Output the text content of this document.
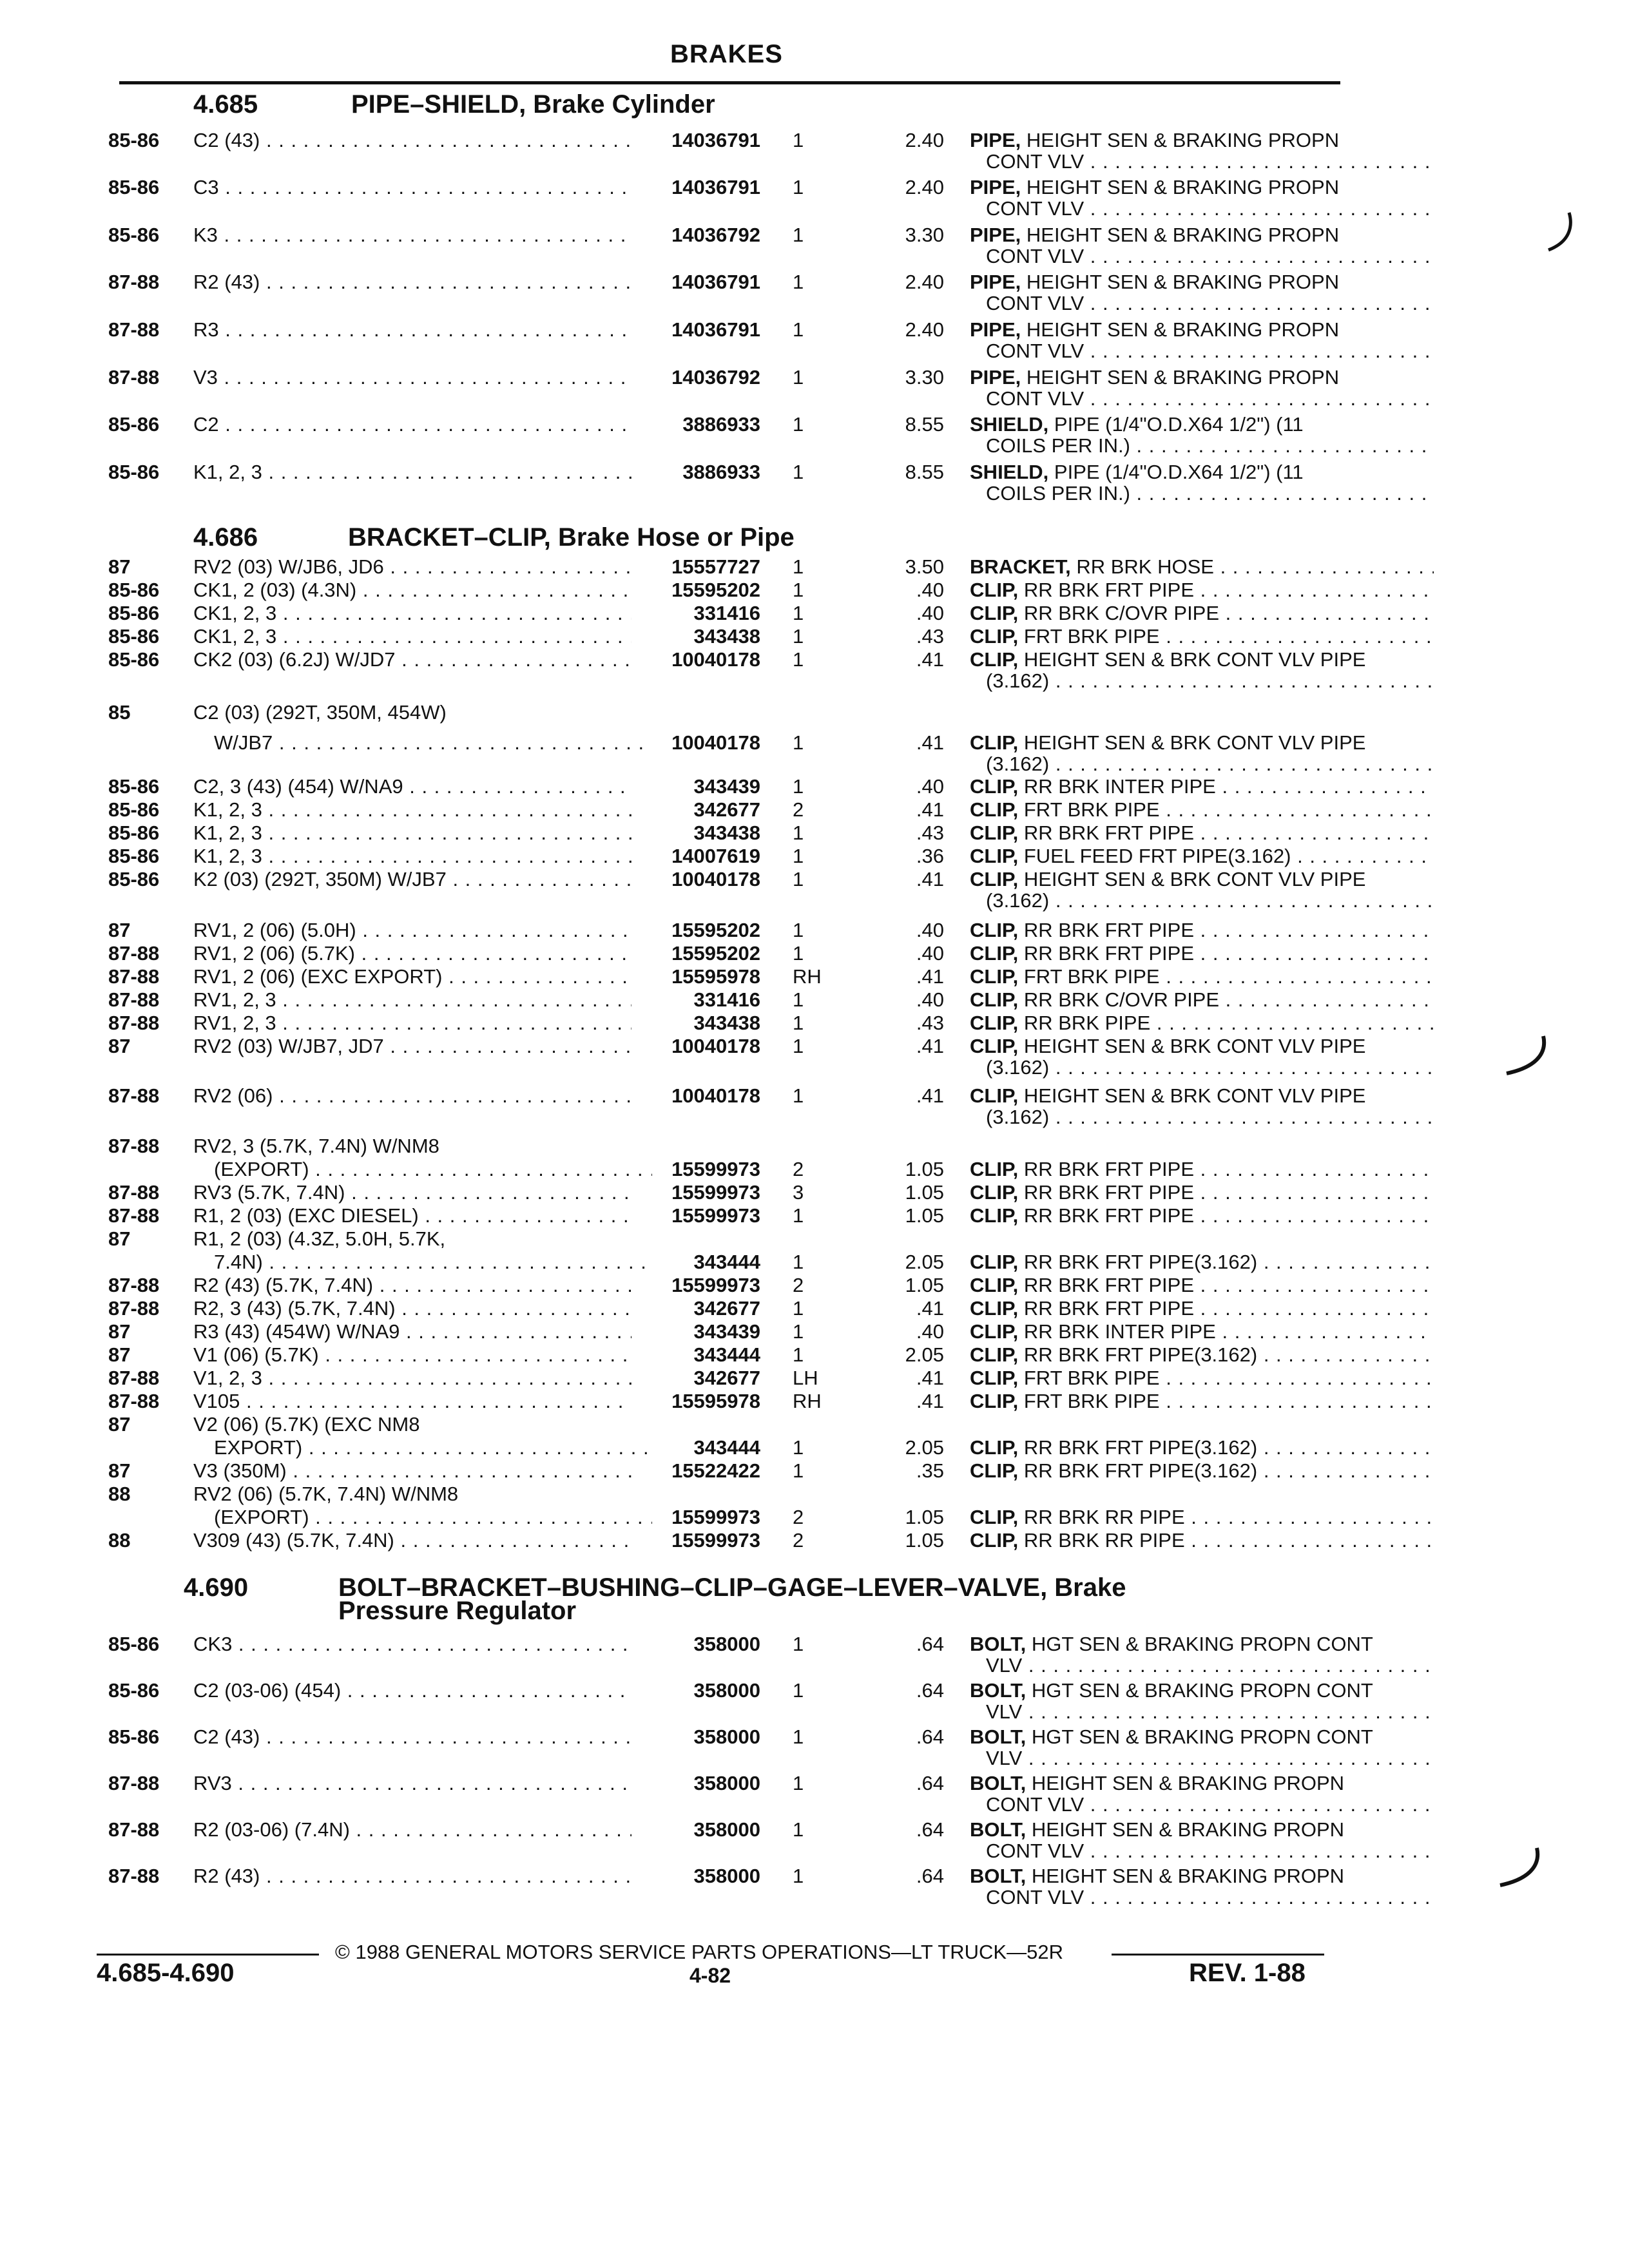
BRAKES
4.685	PIPE–SHIELD, Brake Cylinder
85-86 C2 (43) . . .	14036791 1	2.40 PIPE, HEIGHT SEN & BRAKING PROPN
CONT VLV . . .
85-86 C3 . . .	14036791 1	2.40 PIPE, HEIGHT SEN & BRAKING PROPN
CONT VLV . . .
85-86 K3 . . .	14036792 1	3.30 PIPE, HEIGHT SEN & BRAKING PROPN
CONT VLV . . .
87-88 R2 (43) . . .	14036791 1	2.40 PIPE, HEIGHT SEN & BRAKING PROPN
CONT VLV . . .
87-88 R3 . . .	14036791 1	2.40 PIPE, HEIGHT SEN & BRAKING PROPN
CONT VLV . . .
87-88 V3 . . .	14036792 1	3.30 PIPE, HEIGHT SEN & BRAKING PROPN
CONT VLV . . .
85-86 C2 . . .	3886933 1	8.55 SHIELD, PIPE (1/4"O.D.X64 1/2") (11
COILS PER IN.) . . .
85-86 K1, 2, 3 . . .	3886933 1	8.55 SHIELD, PIPE (1/4"O.D.X64 1/2") (11
COILS PER IN.) . . .
4.686	BRACKET–CLIP, Brake Hose or Pipe
87	RV2 (03) W/JB6, JD6 . . .	15557727 1	3.50 BRACKET, RR BRK HOSE . . .
85-86 CK1, 2 (03) (4.3N) . . .	15595202 1	.40 CLIP, RR BRK FRT PIPE . . .
85-86 CK1, 2, 3 . . .	331416 1	.40 CLIP, RR BRK C/OVR PIPE . . .
85-86 CK1, 2, 3 . . .	343438 1	.43 CLIP, FRT BRK PIPE . . .
85-86 CK2 (03) (6.2J) W/JD7 . . .	10040178 1	.41 CLIP, HEIGHT SEN & BRK CONT VLV PIPE
(3.162) . . .
85	C2 (03) (292T, 350M, 454W)
W/JB7 . . .	10040178 1	.41 CLIP, HEIGHT SEN & BRK CONT VLV PIPE
(3.162) . . .
85-86 C2, 3 (43) (454) W/NA9 . . .	343439 1	.40 CLIP, RR BRK INTER PIPE . . .
85-86 K1, 2, 3 . . .	342677 2	.41 CLIP, FRT BRK PIPE . . .
85-86 K1, 2, 3 . . .	343438 1	.43 CLIP, RR BRK FRT PIPE . . .
85-86 K1, 2, 3 . . .	14007619 1	.36 CLIP, FUEL FEED FRT PIPE(3.162) . . .
85-86 K2 (03) (292T, 350M) W/JB7 . . .	10040178 1	.41 CLIP, HEIGHT SEN & BRK CONT VLV PIPE
(3.162) . . .
87	RV1, 2 (06) (5.0H) . . .	15595202 1	.40 CLIP, RR BRK FRT PIPE . . .
87-88 RV1, 2 (06) (5.7K) . . .	15595202 1	.40 CLIP, RR BRK FRT PIPE . . .
87-88 RV1, 2 (06) (EXC EXPORT) . . .	15595978 RH	.41 CLIP, FRT BRK PIPE . . .
87-88 RV1, 2, 3 . . .	331416 1	.40 CLIP, RR BRK C/OVR PIPE . . .
87-88 RV1, 2, 3 . . .	343438 1	.43 CLIP, RR BRK PIPE . . .
87	RV2 (03) W/JB7, JD7 . . .	10040178 1	.41 CLIP, HEIGHT SEN & BRK CONT VLV PIPE
(3.162) . . .
87-88 RV2 (06) . . .	10040178 1	.41 CLIP, HEIGHT SEN & BRK CONT VLV PIPE
(3.162) . . .
87-88 RV2, 3 (5.7K, 7.4N) W/NM8
(EXPORT) . . .	15599973 2	1.05 CLIP, RR BRK FRT PIPE . . .
87-88 RV3 (5.7K, 7.4N) . . .	15599973 3	1.05 CLIP, RR BRK FRT PIPE . . .
87-88 R1, 2 (03) (EXC DIESEL) . . .	15599973 1	1.05 CLIP, RR BRK FRT PIPE . . .
87	R1, 2 (03) (4.3Z, 5.0H, 5.7K,
7.4N) . . .	343444 1	2.05 CLIP, RR BRK FRT PIPE(3.162) . . .
87-88 R2 (43) (5.7K, 7.4N) . . .	15599973 2	1.05 CLIP, RR BRK FRT PIPE . . .
87-88 R2, 3 (43) (5.7K, 7.4N) . . .	342677 1	.41 CLIP, RR BRK FRT PIPE . . .
87	R3 (43) (454W) W/NA9 . . .	343439 1	.40 CLIP, RR BRK INTER PIPE . . .
87	V1 (06) (5.7K) . . .	343444 1	2.05 CLIP, RR BRK FRT PIPE(3.162) . . .
87-88 V1, 2, 3 . . .	342677 LH	.41 CLIP, FRT BRK PIPE . . .
87-88 V105 . . .	15595978 RH	.41 CLIP, FRT BRK PIPE . . .
87	V2 (06) (5.7K) (EXC NM8
EXPORT) . . .	343444 1	2.05 CLIP, RR BRK FRT PIPE(3.162) . . .
87	V3 (350M) . . .	15522422 1	.35 CLIP, RR BRK FRT PIPE(3.162) . . .
88	RV2 (06) (5.7K, 7.4N) W/NM8
(EXPORT) . . .	15599973 2	1.05 CLIP, RR BRK RR PIPE . . .
88	V309 (43) (5.7K, 7.4N) . . .	15599973 2	1.05 CLIP, RR BRK RR PIPE . . .
4.690	BOLT–BRACKET–BUSHING–CLIP–GAGE–LEVER–VALVE, Brake
Pressure Regulator
85-86 CK3 . . .	358000 1	.64 BOLT, HGT SEN & BRAKING PROPN CONT
VLV . . .
85-86 C2 (03-06) (454) . . .	358000 1	.64 BOLT, HGT SEN & BRAKING PROPN CONT
VLV . . .
85-86 C2 (43) . . .	358000 1	.64 BOLT, HGT SEN & BRAKING PROPN CONT
VLV . . .
87-88 RV3 . . .	358000 1	.64 BOLT, HEIGHT SEN & BRAKING PROPN
CONT VLV . . .
87-88 R2 (03-06) (7.4N) . . .	358000 1	.64 BOLT, HEIGHT SEN & BRAKING PROPN
CONT VLV . . .
87-88 R2 (43) . . .	358000 1	.64 BOLT, HEIGHT SEN & BRAKING PROPN
CONT VLV . . .
© 1988 GENERAL MOTORS SERVICE PARTS OPERATIONS—LT TRUCK—52R
4.685-4.690	4-82	REV. 1-88
